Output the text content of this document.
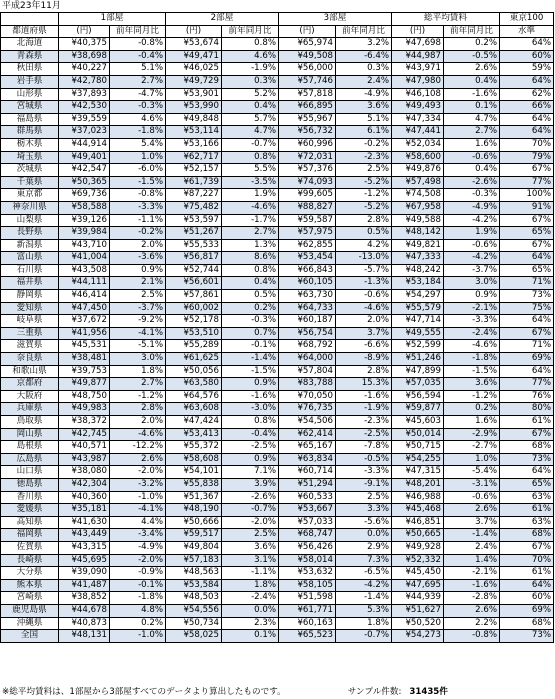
平成23年11月
	1部屋		2部屋		3部屋		総平均賃料		東京100
都道府県	(円)	前年同月比	(円)	前年同月比	(円)	前年同月比	(円)	前年同月比	水準
北海道	¥40,375	-0.8%	¥53,674	0.8%	¥65,974	3.2%	¥47,698	0.2%	64%
青森県	¥38,698	-0.4%	¥49,471	4.6%	¥49,508	-6.4%	¥44,987	-0.5%	60%
秋田県	¥40,227	5.1%	¥46,025	-1.9%	¥56,000	0.3%	¥43,971	2.6%	59%
岩手県	¥42,780	2.7%	¥49,729	0.3%	¥57,746	2.4%	¥47,980	0.4%	64%
山形県	¥37,893	-4.7%	¥53,901	5.2%	¥57,818	-4.9%	¥46,108	-1.6%	62%
宮城県	¥42,530	-0.3%	¥53,990	0.4%	¥66,895	3.6%	¥49,493	0.1%	66%
福島県	¥39,559	4.6%	¥49,848	5.7%	¥55,967	5.1%	¥47,334	4.7%	64%
群馬県	¥37,023	-1.8%	¥53,114	4.7%	¥56,732	6.1%	¥47,441	2.7%	64%
栃木県	¥44,914	5.4%	¥53,166	-0.7%	¥60,996	-0.2%	¥52,034	1.6%	70%
埼玉県	¥49,401	1.0%	¥62,717	0.8%	¥72,031	-2.3%	¥58,600	-0.6%	79%
茨城県	¥42,547	-6.0%	¥52,157	5.5%	¥57,376	2.5%	¥49,876	0.4%	67%
千葉県	¥50,365	-1.5%	¥61,739	-3.5%	¥74,093	-5.2%	¥57,498	-2.6%	77%
東京都	¥69,736	-0.8%	¥87,227	1.9%	¥99,605	-1.2%	¥74,508	-0.3%	100%
神奈川県	¥58,588	-3.3%	¥75,482	-4.6%	¥88,827	-5.2%	¥67,958	-4.9%	91%
山梨県	¥39,126	-1.1%	¥53,597	-1.7%	¥59,587	2.8%	¥49,588	-4.2%	67%
長野県	¥39,984	-0.2%	¥51,267	2.7%	¥57,975	0.5%	¥48,142	1.9%	65%
新潟県	¥43,710	2.0%	¥55,533	1.3%	¥62,855	4.2%	¥49,821	-0.6%	67%
富山県	¥41,004	-3.6%	¥56,817	8.6%	¥53,454	-13.0%	¥47,333	-4.2%	64%
石川県	¥43,508	0.9%	¥52,744	0.8%	¥66,843	-5.7%	¥48,242	-3.7%	65%
福井県	¥44,111	2.1%	¥56,601	0.4%	¥60,105	-1.3%	¥53,184	3.0%	71%
静岡県	¥46,414	2.5%	¥57,861	0.5%	¥63,730	-0.6%	¥54,297	0.9%	73%
愛知県	¥47,450	-3.7%	¥60,002	0.2%	¥64,733	-4.6%	¥55,579	-2.1%	75%
岐阜県	¥37,672	-9.2%	¥52,178	-0.3%	¥60,187	2.0%	¥47,714	-3.3%	64%
三重県	¥41,956	-4.1%	¥53,510	0.7%	¥56,754	3.7%	¥49,555	-2.4%	67%
滋賀県	¥45,531	-5.1%	¥55,289	-0.1%	¥68,792	-6.6%	¥52,599	-4.6%	71%
奈良県	¥38,481	3.0%	¥61,625	-1.4%	¥64,000	-8.9%	¥51,246	-1.8%	69%
和歌山県	¥39,753	1.8%	¥50,056	-1.5%	¥57,804	2.8%	¥47,899	-1.5%	64%
京都府	¥49,877	2.7%	¥63,580	0.9%	¥83,788	15.3%	¥57,035	3.6%	77%
大阪府	¥48,750	-1.2%	¥64,576	-1.6%	¥70,050	-1.6%	¥56,594	-1.2%	76%
兵庫県	¥49,983	2.8%	¥63,608	-3.0%	¥76,735	-1.9%	¥59,877	0.2%	80%
鳥取県	¥38,372	2.0%	¥47,424	0.8%	¥54,506	-2.3%	¥45,603	1.6%	61%
岡山県	¥42,745	-4.6%	¥53,413	-0.4%	¥62,414	-2.5%	¥50,014	-2.9%	67%
島根県	¥40,571	-12.2%	¥55,372	-2.5%	¥65,167	-7.8%	¥50,715	-2.7%	68%
広島県	¥43,987	2.6%	¥58,608	0.9%	¥63,834	-0.5%	¥54,255	1.0%	73%
山口県	¥38,080	-2.0%	¥54,101	7.1%	¥60,714	-3.3%	¥47,315	-5.4%	64%
徳島県	¥42,304	-3.2%	¥55,838	3.9%	¥51,294	-9.1%	¥48,201	-3.1%	65%
香川県	¥40,360	-1.0%	¥51,367	-2.6%	¥60,533	2.5%	¥46,988	-0.6%	63%
愛媛県	¥35,181	-4.1%	¥48,190	-0.7%	¥53,667	3.3%	¥45,468	2.6%	61%
高知県	¥41,630	4.4%	¥50,666	-2.0%	¥57,033	-5.6%	¥46,851	3.7%	63%
福岡県	¥43,449	-3.4%	¥59,517	2.5%	¥68,747	0.0%	¥50,665	-1.4%	68%
佐賀県	¥43,315	-4.9%	¥49,804	3.6%	¥56,426	2.9%	¥49,928	2.4%	67%
長崎県	¥45,695	-2.0%	¥57,183	3.1%	¥58,014	7.3%	¥52,332	1.4%	70%
大分県	¥39,090	-0.9%	¥48,563	-1.1%	¥53,632	-6.5%	¥45,450	-2.1%	61%
熊本県	¥41,487	-0.1%	¥53,584	1.8%	¥58,105	-4.2%	¥47,695	-1.6%	64%
宮崎県	¥38,852	-1.8%	¥48,503	-2.4%	¥51,598	-1.4%	¥44,939	-2.8%	60%
鹿児島県	¥44,678	4.8%	¥54,556	0.0%	¥61,771	5.3%	¥51,627	2.6%	69%
沖縄県	¥40,873	0.2%	¥50,734	2.3%	¥60,163	1.8%	¥50,520	2.2%	68%
全国	¥48,131	-1.0%	¥58,025	0.1%	¥65,523	-0.7%	¥54,273	-0.8%	73%
※総平均賃料は、1部屋から3部屋すべてのデータより算出したものです。	サンプル件数: 31435件
